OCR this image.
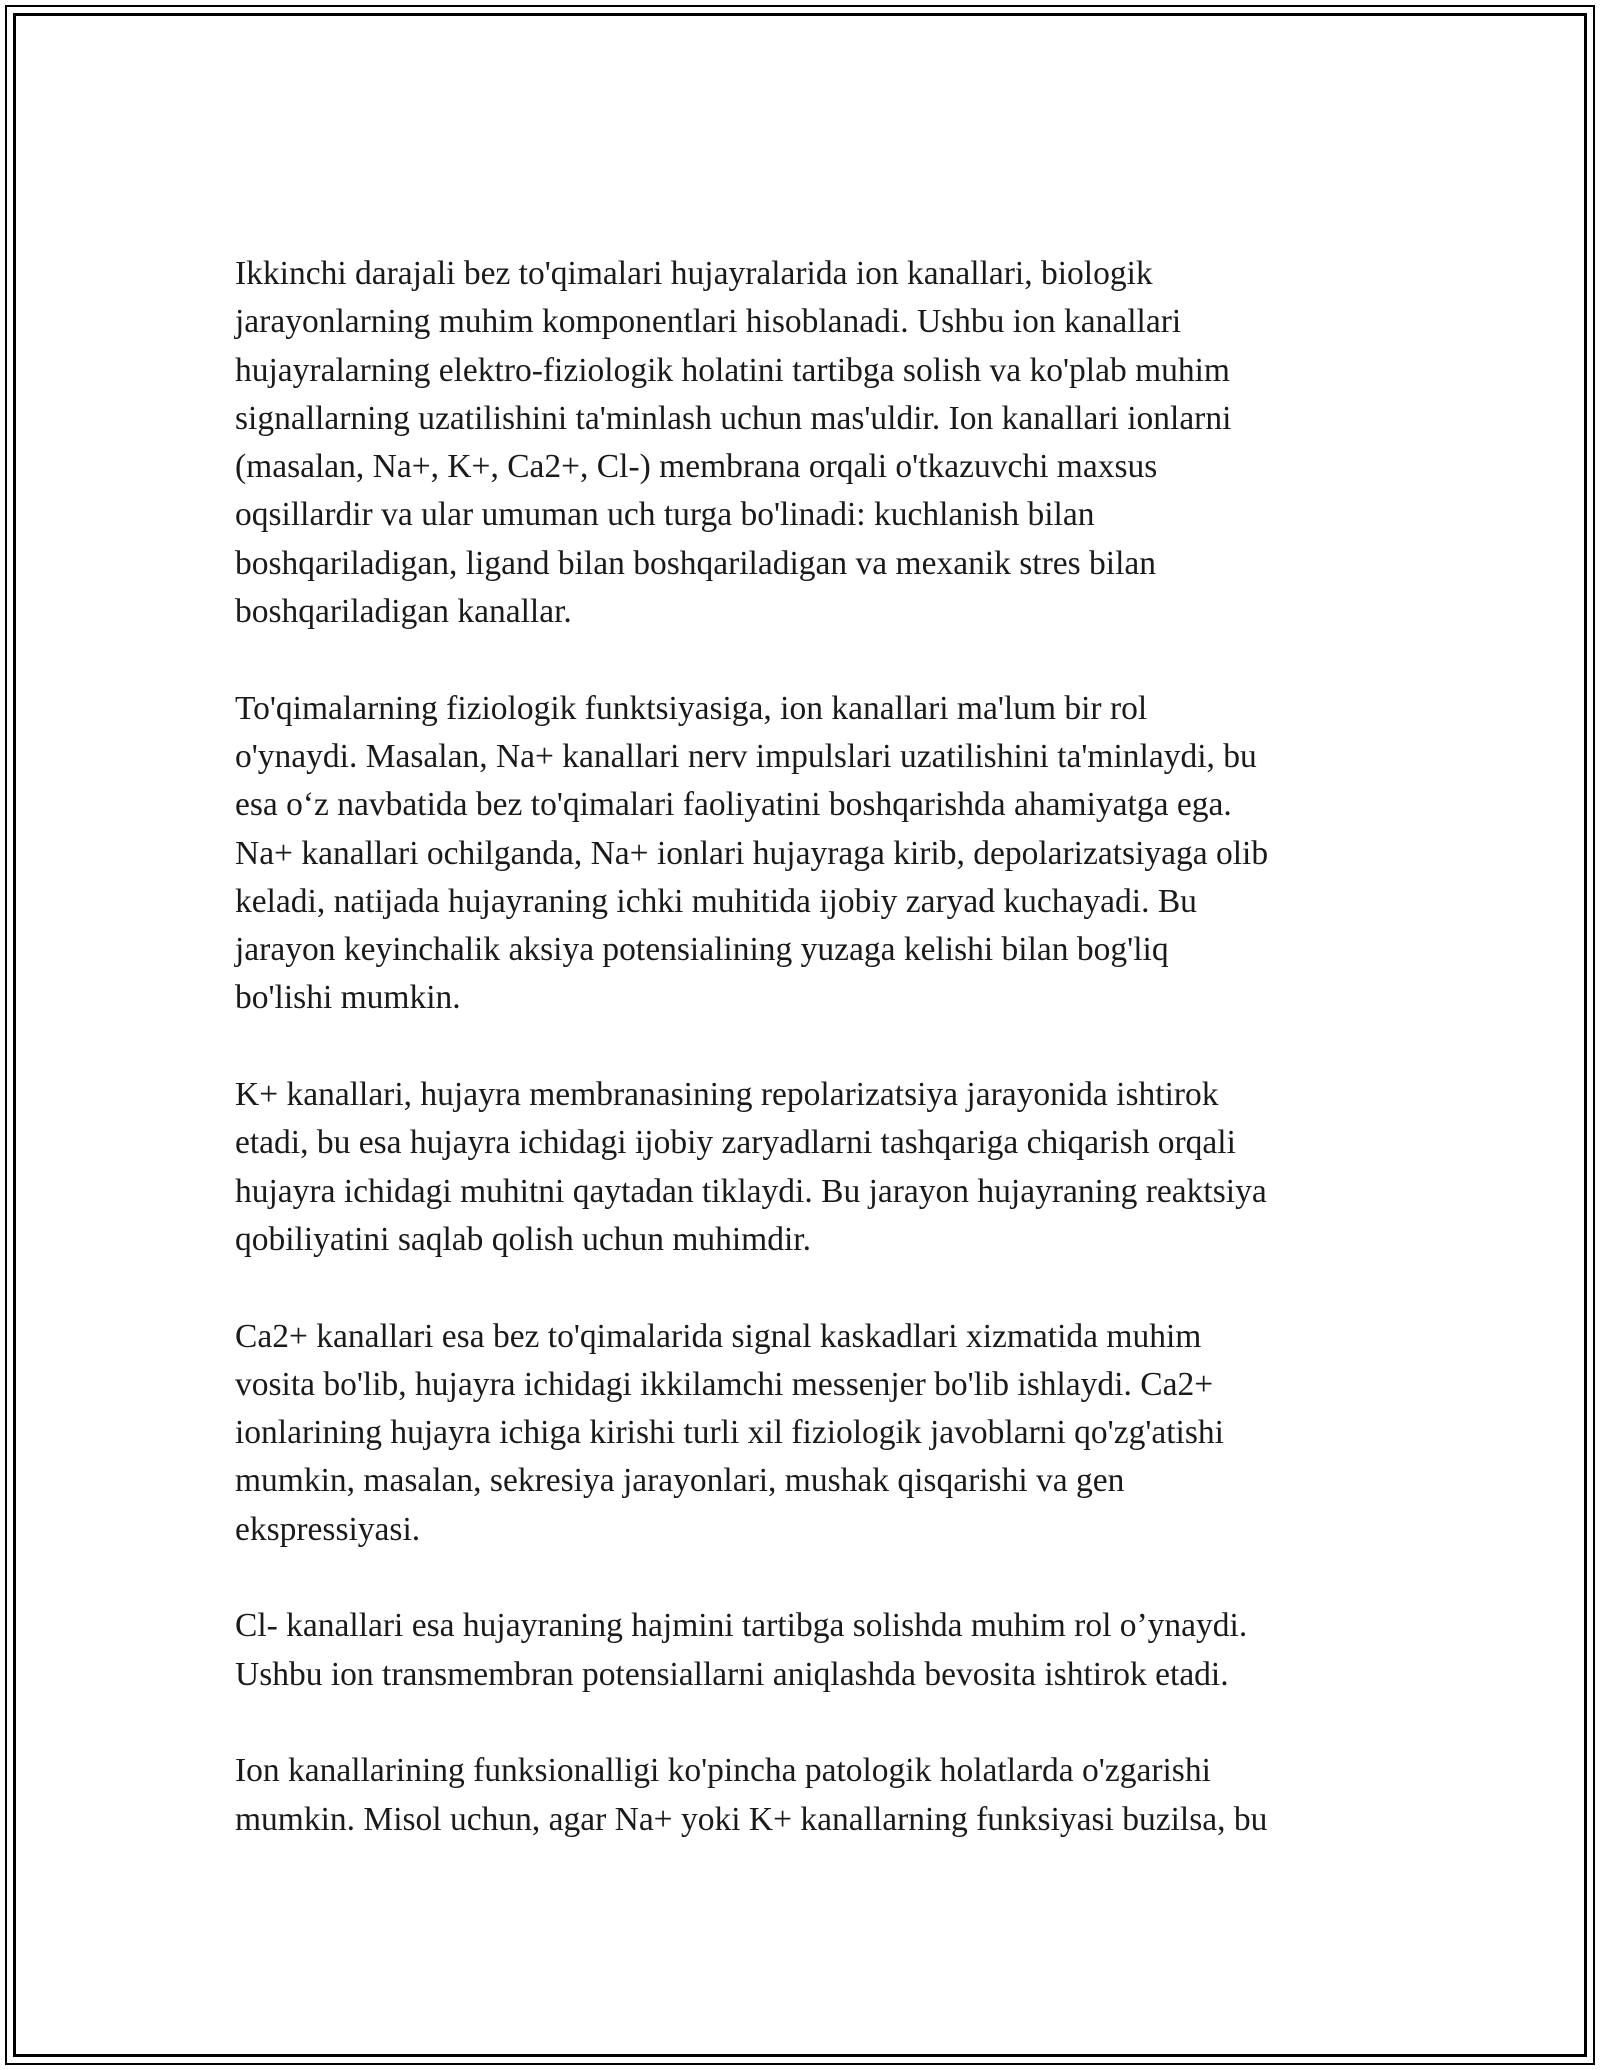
Ikkinchi darajali bez to'qimalari hujayralarida ion kanallari, biologik
jarayonlarning muhim komponentlari hisoblanadi. Ushbu ion kanallari
hujayralarning elektro-fiziologik holatini tartibga solish va ko'plab muhim
signallarning uzatilishini ta'minlash uchun mas'uldir. Ion kanallari ionlarni
(masalan, Na+, K+, Ca2+, Cl-) membrana orqali o'tkazuvchi maxsus
oqsillardir va ular umuman uch turga bo'linadi: kuchlanish bilan
boshqariladigan, ligand bilan boshqariladigan va mexanik stres bilan
boshqariladigan kanallar.

To'qimalarning fiziologik funktsiyasiga, ion kanallari ma'lum bir rol
o'ynaydi. Masalan, Na+ kanallari nerv impulslari uzatilishini ta'minlaydi, bu
esa o‘z navbatida bez to'qimalari faoliyatini boshqarishda ahamiyatga ega.
Na+ kanallari ochilganda, Na+ ionlari hujayraga kirib, depolarizatsiyaga olib
keladi, natijada hujayraning ichki muhitida ijobiy zaryad kuchayadi. Bu
jarayon keyinchalik aksiya potensialining yuzaga kelishi bilan bog'liq
bo'lishi mumkin.

K+ kanallari, hujayra membranasining repolarizatsiya jarayonida ishtirok
etadi, bu esa hujayra ichidagi ijobiy zaryadlarni tashqariga chiqarish orqali
hujayra ichidagi muhitni qaytadan tiklaydi. Bu jarayon hujayraning reaktsiya
qobiliyatini saqlab qolish uchun muhimdir.

Ca2+ kanallari esa bez to'qimalarida signal kaskadlari xizmatida muhim
vosita bo'lib, hujayra ichidagi ikkilamchi messenjer bo'lib ishlaydi. Ca2+
ionlarining hujayra ichiga kirishi turli xil fiziologik javoblarni qo'zg'atishi
mumkin, masalan, sekresiya jarayonlari, mushak qisqarishi va gen
ekspressiyasi.

Cl- kanallari esa hujayraning hajmini tartibga solishda muhim rol o’ynaydi.
Ushbu ion transmembran potensiallarni aniqlashda bevosita ishtirok etadi.

Ion kanallarining funksionalligi ko'pincha patologik holatlarda o'zgarishi
mumkin. Misol uchun, agar Na+ yoki K+ kanallarning funksiyasi buzilsa, bu
